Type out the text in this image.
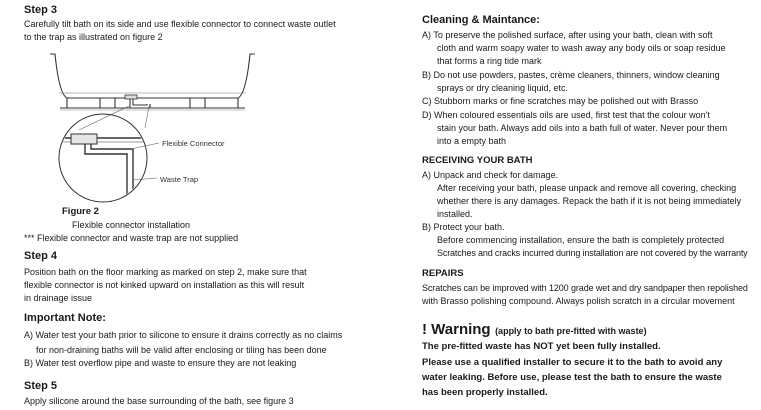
Step 3
Carefully tilt bath on its side and use flexible connector to connect waste outlet
to the trap as illustrated on figure 2
Flexible Connector
Waste Trap
Figure 2
Flexible connector installation
*** Flexible connector and waste trap are not supplied
Step 4
Position bath on the floor marking as marked on step 2, make sure that
flexible connector is not kinked upward on installation as this will result
in drainage issue
Important Note:
A) Water test your bath prior to silicone to ensure it drains correctly as no claims
for non-draining baths will be valid after enclosing or tiling has been done
B) Water test overflow pipe and waste to ensure they are not leaking
Step 5
Apply silicone around the base surrounding of the bath, see figure 3
Cleaning & Maintance:
A) To preserve the polished surface, after using your bath, clean with soft
cloth and warm soapy water to wash away any body oils or soap residue
that forms a ring tide mark
B) Do not use powders, pastes, crème cleaners, thinners, window cleaning
sprays or dry cleaning liquid, etc.
C) Stubborn marks or fine scratches may be polished out with Brasso
D) When coloured essentials oils are used, first test that the colour won't
stain your bath. Always add oils into a bath full of water. Never pour them
into a empty bath
RECEIVING YOUR BATH
A) Unpack and check for damage.
After receiving your bath, please unpack and remove all covering, checking
whether there is any damages. Repack the bath if it is not being immediately
installed.
B) Protect your bath.
Before commencing installation, ensure the bath is completely protected
Scratches and cracks incurred during installation are not covered by the warranty
REPAIRS
Scratches can be improved with 1200 grade wet and dry sandpaper then repolished
with Brasso polishing compound. Always polish scratch in a circular movement
! Warning (apply to bath pre-fitted with waste)
The pre-fitted waste has NOT yet been fully installed.
Please use a qualified installer to secure it to the bath to avoid any
water leaking. Before use, please test the bath to ensure the waste
has been properly installed.
